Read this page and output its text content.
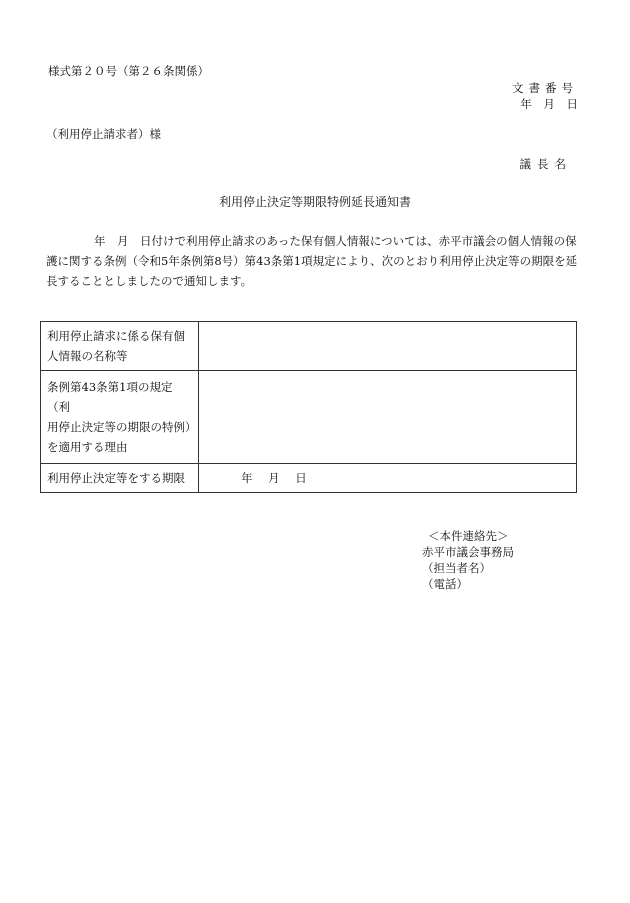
様式第２０号（第２６条関係）
文書番号
年 月 日
（利用停止請求者）様
議長名
利用停止決定等期限特例延長通知書
年　月　日付けで利用停止請求のあった保有個人情報については、赤平市議会の個人情報の保
護に関する条例（令和5年条例第8号）第43条第1項規定により、次のとおり利用停止決定等の期限を延
長することとしましたので通知します。
利用停止請求に係る保有個
人情報の名称等	

条例第43条第1項の規定（利
用停止決定等の期限の特例）
を適用する理由	

利用停止決定等をする期限	年 月 日
＜本件連絡先＞
赤平市議会事務局
（担当者名）
（電話）
